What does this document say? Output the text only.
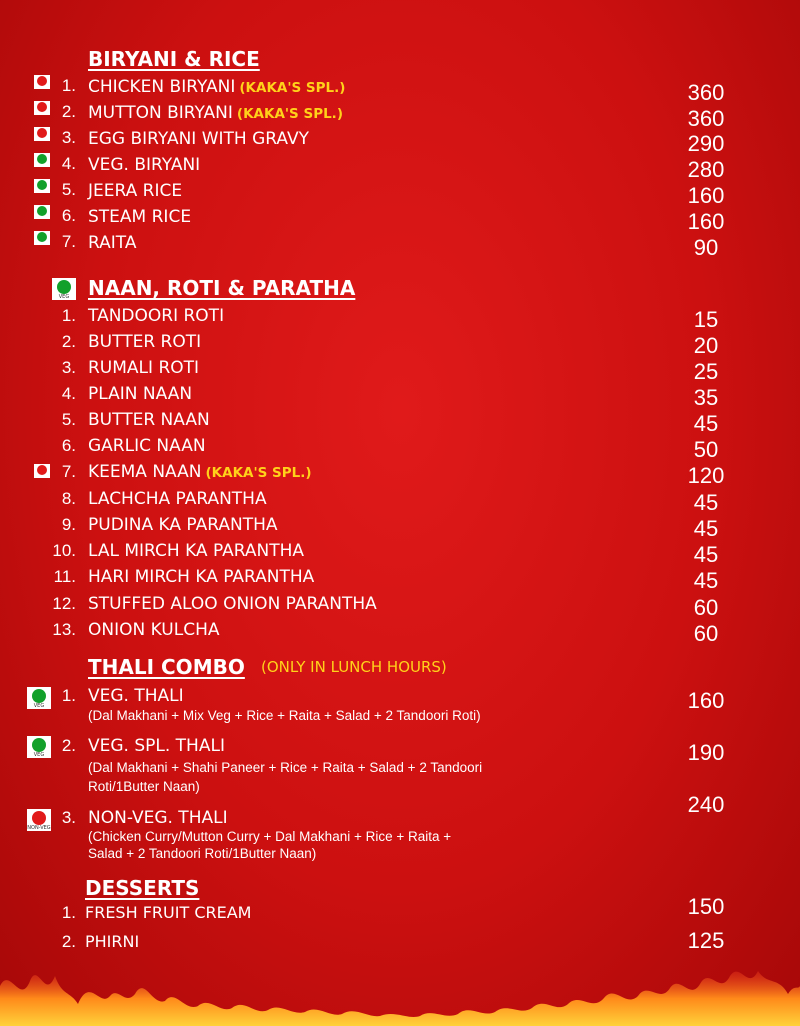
BIRYANI & RICE
1. CHICKEN BIRYANI (KAKA'S SPL.)	360
2. MUTTON BIRYANI (KAKA'S SPL.)	360
3. EGG BIRYANI WITH GRAVY	290
4. VEG. BIRYANI	280
5. JEERA RICE	160
6. STEAM RICE	160
7. RAITA	90
VEG NAAN, ROTI & PARATHA
1. TANDOORI ROTI	15
2. BUTTER ROTI	20
3. RUMALI ROTI	25
4. PLAIN NAAN	35
5. BUTTER NAAN	45
6. GARLIC NAAN	50
7. KEEMA NAAN (KAKA'S SPL.)	120
8. LACHCHA PARANTHA	45
9. PUDINA KA PARANTHA	45
10. LAL MIRCH KA PARANTHA	45
11. HARI MIRCH KA PARANTHA	45
12. STUFFED ALOO ONION PARANTHA	60
13. ONION KULCHA	60
THALI COMBO (ONLY IN LUNCH HOURS)
VEG
1. VEG. THALI
(Dal Makhani + Mix Veg + Rice + Raita + Salad + 2 Tandoori Roti)
160
VEG	2. VEG. SPL. THALI
(Dal Makhani + Shahi Paneer + Rice + Raita + Salad + 2 Tandoori
Roti/1Butter Naan)
190
NON-VEG
3. NON-VEG. THALI
(Chicken Curry/Mutton Curry + Dal Makhani + Rice + Raita +
Salad + 2 Tandoori Roti/1Butter Naan)
240
DESSERTS
1. FRESH FRUIT CREAM	150
2. PHIRNI	125
